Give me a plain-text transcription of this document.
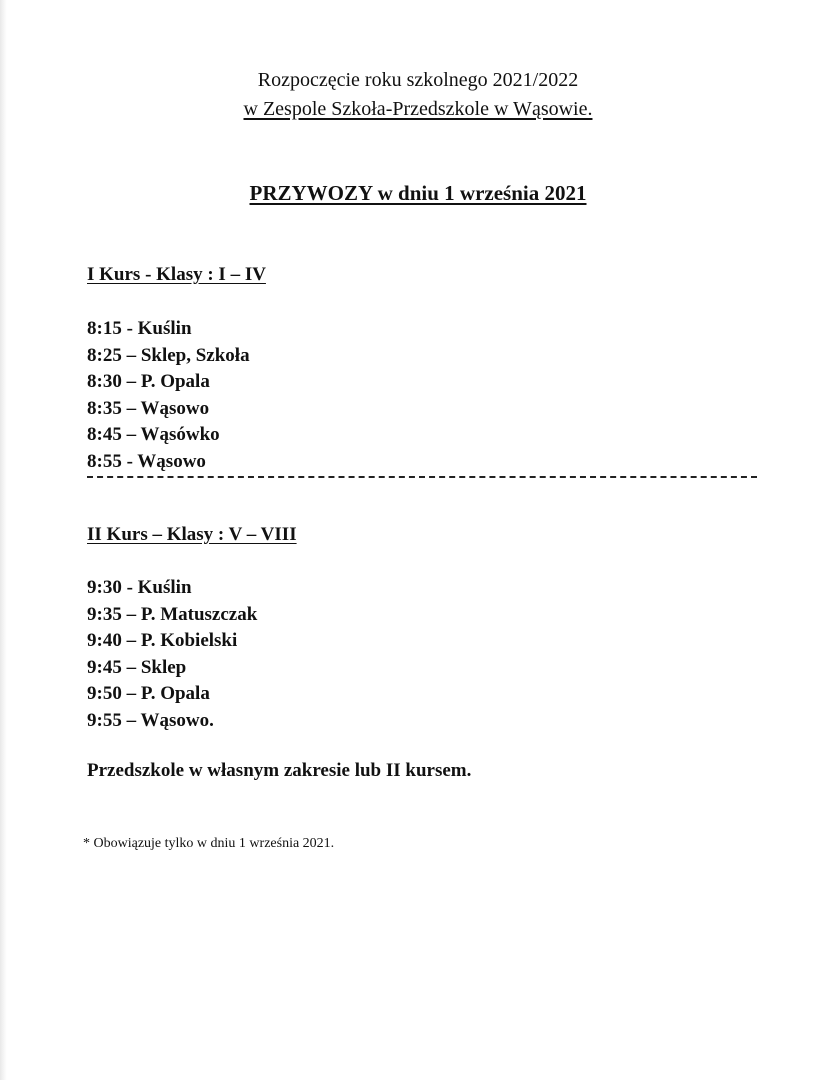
Rozpoczęcie roku szkolnego 2021/2022
w Zespole Szkoła-Przedszkole w Wąsowie.
PRZYWOZY w dniu 1 września 2021
I Kurs - Klasy : I – IV
8:15 - Kuślin
8:25 – Sklep, Szkoła
8:30 – P. Opala
8:35 – Wąsowo
8:45 – Wąsówko
8:55 - Wąsowo
II Kurs – Klasy : V – VIII
9:30 - Kuślin
9:35 – P. Matuszczak
9:40 – P. Kobielski
9:45 – Sklep
9:50 – P. Opala
9:55 – Wąsowo.
Przedszkole w własnym zakresie lub II kursem.
* Obowiązuje tylko w dniu 1 września 2021.
